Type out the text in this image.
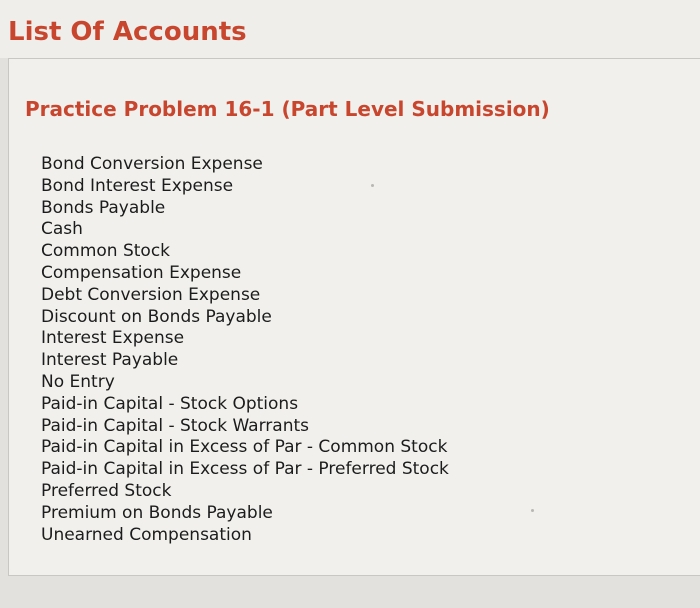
List Of Accounts
Practice Problem 16-1 (Part Level Submission)
Bond Conversion Expense
Bond Interest Expense
Bonds Payable
Cash
Common Stock
Compensation Expense
Debt Conversion Expense
Discount on Bonds Payable
Interest Expense
Interest Payable
No Entry
Paid-in Capital - Stock Options
Paid-in Capital - Stock Warrants
Paid-in Capital in Excess of Par - Common Stock
Paid-in Capital in Excess of Par - Preferred Stock
Preferred Stock
Premium on Bonds Payable
Unearned Compensation
